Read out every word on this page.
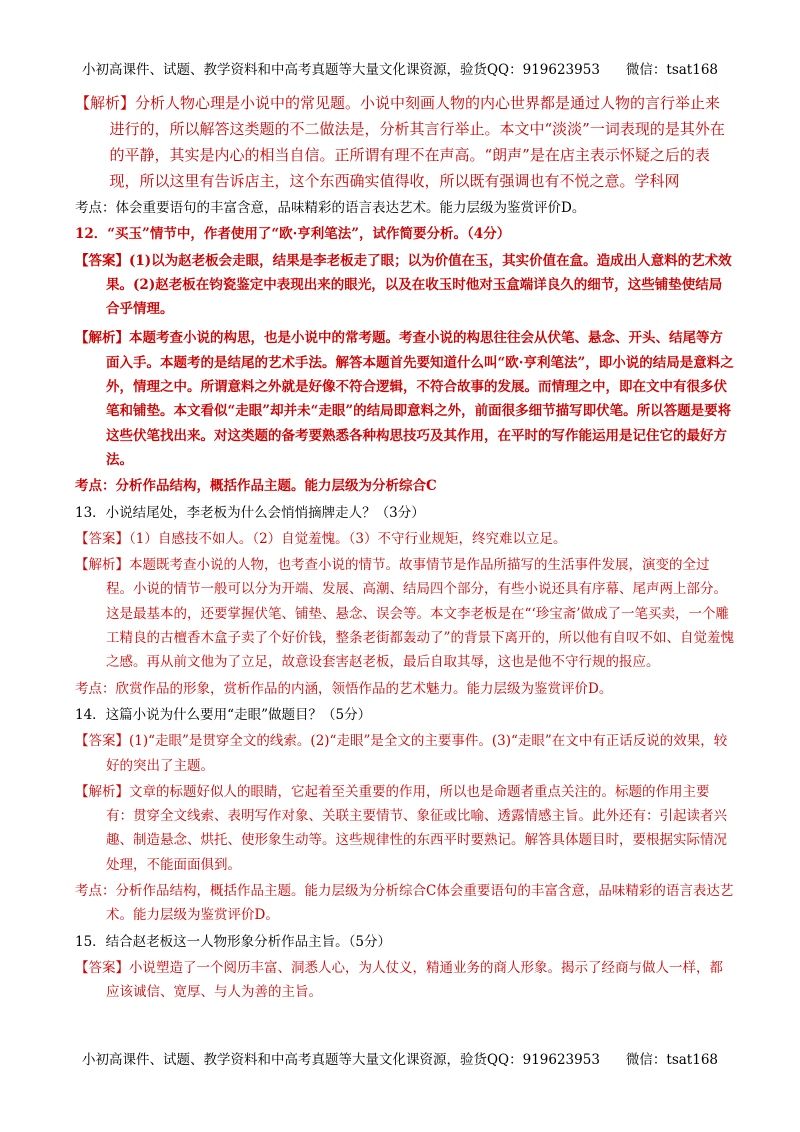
小初高课件、试题、教学资料和中高考真题等大量文化课资源，验货QQ：919623953 微信：tsat168
【解析】分析人物心理是小说中的常见题。小说中刻画人物的内心世界都是通过人物的言行举止来进行的，所以解答这类题的不二做法是，分析其言行举止。本文中“淡淡”一词表现的是其外在的平静，其实是内心的相当自信。正所谓有理不在声高。“朗声”是在店主表示怀疑之后的表现，所以这里有告诉店主，这个东西确实值得收，所以既有强调也有不悦之意。学科网
考点：体会重要语句的丰富含意，品味精彩的语言表达艺术。能力层级为鉴赏评价D。
12．“买玉”情节中，作者使用了“欧·亨利笔法”，试作简要分析。（4分）
【答案】(1)以为赵老板会走眼，结果是李老板走了眼；以为价值在玉，其实价值在盒。造成出人意料的艺术效果。(2)赵老板在钧瓷鉴定中表现出来的眼光，以及在收玉时他对玉盒端详良久的细节，这些铺垫使结局合乎情理。
【解析】本题考查小说的构思，也是小说中的常考题。考查小说的构思往往会从伏笔、悬念、开头、结尾等方面入手。本题考的是结尾的艺术手法。解答本题首先要知道什么叫“欧·亨利笔法”，即小说的结局是意料之外，情理之中。所谓意料之外就是好像不符合逻辑，不符合故事的发展。而情理之中，即在文中有很多伏笔和铺垫。本文看似“走眼”却并未“走眼”的结局即意料之外，前面很多细节描写即伏笔。所以答题是要将这些伏笔找出来。对这类题的备考要熟悉各种构思技巧及其作用，在平时的写作能运用是记住它的最好方法。
考点：分析作品结构，概括作品主题。能力层级为分析综合C
13．小说结尾处，李老板为什么会悄悄摘牌走人？（3分）
【答案】（1）自感技不如人。（2）自觉羞愧。（3）不守行业规矩，终究难以立足。
【解析】本题既考查小说的人物，也考查小说的情节。故事情节是作品所描写的生活事件发展，演变的全过程。小说的情节一般可以分为开端、发展、高潮、结局四个部分，有些小说还具有序幕、尾声两上部分。这是最基本的，还要掌握伏笔、铺垫、悬念、误会等。本文李老板是在“‘珍宝斋’做成了一笔买卖，一个雕工精良的古檀香木盒子卖了个好价钱，整条老街都轰动了”的背景下离开的，所以他有自叹不如、自觉羞愧之感。再从前文他为了立足，故意设套害赵老板，最后自取其辱，这也是他不守行规的报应。
考点：欣赏作品的形象，赏析作品的内涵，领悟作品的艺术魅力。能力层级为鉴赏评价D。
14．这篇小说为什么要用“走眼”做题目？（5分）
【答案】(1)“走眼”是贯穿全文的线索。(2)“走眼”是全文的主要事件。(3)“走眼”在文中有正话反说的效果，较好的突出了主题。
【解析】文章的标题好似人的眼睛，它起着至关重要的作用，所以也是命题者重点关注的。标题的作用主要有：贯穿全文线索、表明写作对象、关联主要情节、象征或比喻、透露情感主旨。此外还有：引起读者兴趣、制造悬念、烘托、使形象生动等。这些规律性的东西平时要熟记。解答具体题目时，要根据实际情况处理，不能面面俱到。
考点：分析作品结构，概括作品主题。能力层级为分析综合C体会重要语句的丰富含意，品味精彩的语言表达艺术。能力层级为鉴赏评价D。
15．结合赵老板这一人物形象分析作品主旨。（5分）
【答案】小说塑造了一个阅历丰富、洞悉人心，为人仗义，精通业务的商人形象。揭示了经商与做人一样，都应该诚信、宽厚、与人为善的主旨。
小初高课件、试题、教学资料和中高考真题等大量文化课资源，验货QQ：919623953 微信：tsat168
